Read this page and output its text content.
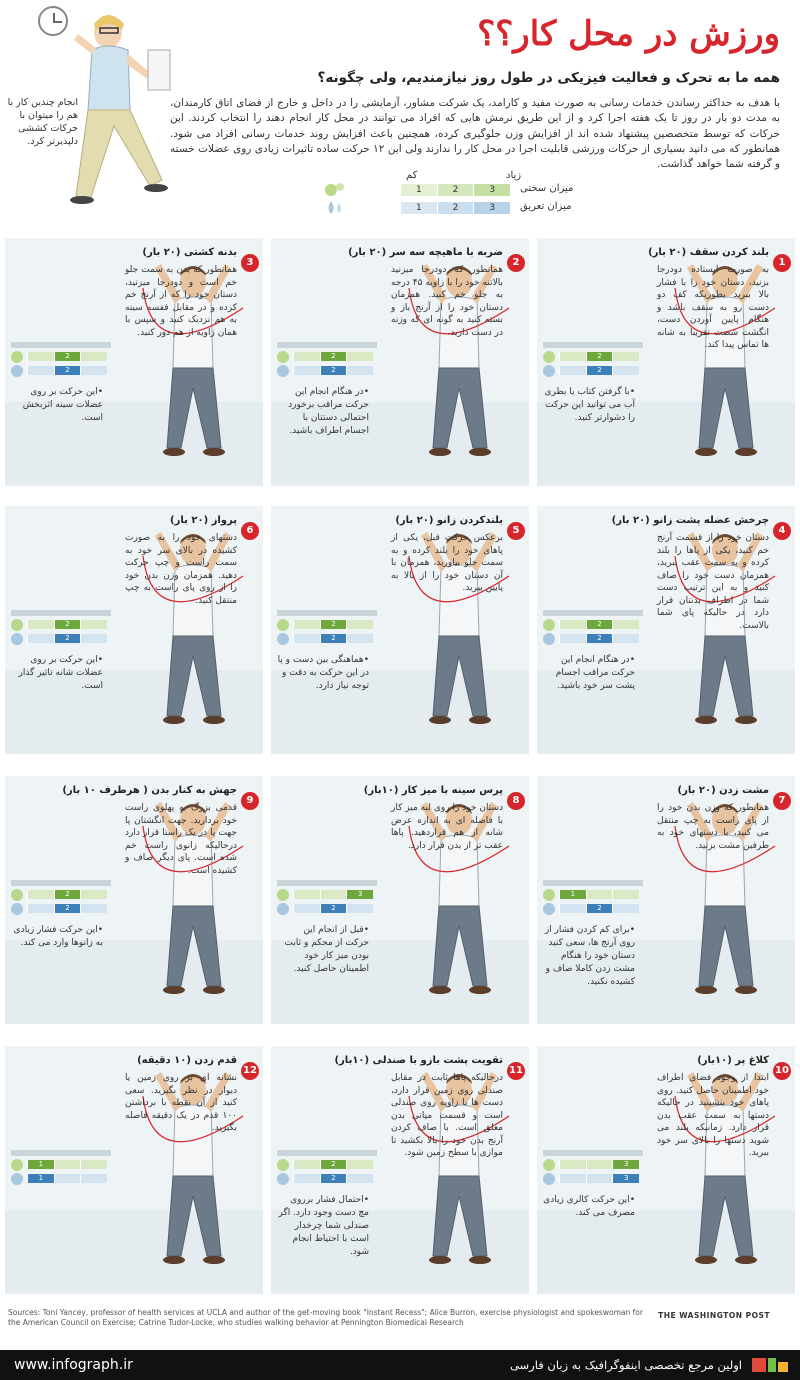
انجام چندین کار با هم را میتوان با حرکات کششی دلپذیرتر کرد.
ورزش در محل کار؟؟
همه ما به تحرک و فعالیت فیزیکی در طول روز نیازمندیم، ولی چگونه؟
با هدف به حداکثر رساندن خدمات رسانی به صورت مفید و کارامد، یک شرکت مشاور، آزمایشی را در داخل و خارج از فضای اتاق کارمندان، به مدت دو بار در روز تا یک هفته اجرا کرد و از این طریق نرمش هایی که افراد می توانند در محل کار انجام دهند را انتخاب کردند. این حرکات که توسط متخصصین پیشنهاد شده اند از افزایش وزن جلوگیری کرده، همچنین باعث افزایش روند خدمات رسانی افراد می شود. همانطور که می دانید بسیاری از حرکات ورزشی قابلیت اجرا در محل کار را ندارند ولی این ۱۲ حرکت ساده تاثیرات زیادی روی عضلات خسته و گرفته شما خواهد گذاشت.
کم	زیاد
1	2	3	میزان سختی
1	2	3	میزان تعریق
1
بلند کردن سقف (۲۰ بار)
به صورت ایستاده دودرجا بزنید، دستان خود را با فشار بالا ببرید بطوریکه کف دو دست رو به سقف باشد و هنگام پایین آوردن دست، انگشت شصت تقریبا به شانه ها تماس پیدا کند.
2
2
• با گرفتن کتاب یا بطری آب می توانید این حرکت را دشوارتر کنید.
2
ضربه با ماهیچه سه سر (۲۰ بار)
همانطور که دودرجا میزنید بالاتنه خود را با زاویه ۴۵ درجه به جلو خم کنید. همزمان دستان خود را از آرنج باز و بسته کنید به گونه ای که وزنه در دست دارید.
2
2
• در هنگام انجام این حرکت مراقب برخورد احتمالی دستتان با اجسام اطراف باشید.
3
بدنه کشتی (۲۰ بار)
همانطور که بدن به سمت جلو خم است و دودرجا میزنید، دستان خود را که از آرنج خم کرده و در مقابل قفسه سینه به هم نزدیک کنید و سپس با همان زاویه از هم دور کنید.
2
2
• این حرکت بر روی عضلات سینه اثربخش است.
4
چرخش عضله پشت زانو (۲۰ بار)
دستان خود را از قسمت آرنج خم کنید، یکی از پاها را بلند کرده و به سمت عقب ببرید، همزمان دست خود را صاف کنید و به این ترتیب دست شما در اطراف بدنتان قرار دارد در حالیکه پای شما بالاست.
2
2
• در هنگام انجام این حرکت مراقب اجسام پشت سر خود باشید.
5
بلندکردن زانو (۲۰ بار)
برعکس حرکت قبل، یکی از پاهای خود را بلند کرده و به سمت جلو بیاورید، همزمان با آن دستان خود را از بالا به پایین بیرید.
2
2
• هماهنگی بین دست و پا در این حرکت به دقت و توجه نیاز دارد.
6
پرواز (۲۰ بار)
دستهای خود را به صورت کشیده در بالای سر خود به سمت راست و چپ حرکت دهید. همزمان وزن بدن خود را از روی پای راست به چپ منتقل کنید.
2
2
• این حرکت بر روی عضلات شانه تاثیر گذار است.
7
مشت زدن (۲۰ بار)
همانطور که وزن بدن خود را از پای راست به چپ منتقل می کنید، با دستهای خود به طرفین مشت بزنید.
1
2
• برای کم کردن فشار از روی آرنج ها، سعی کنید دستان خود را هنگام مشت زدن کاملا صاف و کشیده نکنید.
8
پرس سینه با میز کار (۱۰بار)
دستان خود را روی لبه میز کار با فاصله ای به اندازه عرض شانه از هم قراردهید. پاها عقب تر از بدن قرار دارد.
3
2
• قبل از انجام این حرکت از محکم و ثابت بودن میز کار خود اطمینان حاصل کنید.
9
جهش به کنار بدن ( هرطرف ۱۰ بار)
قدمی بزرگ به پهلوی راست خود بردارید. جهت انگشتان پا جهت پا در یک راستا قرار دارد درحالیکه زانوی راست خم شده است. پای دیگر صاف و کشیده است.
2
2
• این حرکت فشار زیادی به زانوها وارد می کند.
10
کلاغ پر (۱۰بار)
ابتدا از وجود فضای اطراف خود اطمینان حاصل کنید. روی پاهای خود بنشینید در حالیکه دستها به سمت عقب بدن قرار دارد. زمانیکه بلند می شوید دستها را بالای سر خود ببرید.
3
3
• این حرکت کالری زیادی مصرف می کند.
11
تقویت پشت بازو با صندلی (۱۰بار)
درحالیکه پاها ثابت در مقابل صندلی روی زمین قرار دارد، دست ها با زاویه روی صندلی است و قسمت میانی بدن معلق است. با صاف کردن آرنج بدن خود را بالا بکشید تا موازی با سطح زمین شود.
2
2
• احتمال فشار برروی مچ دست وجود دارد. اگر صندلی شما چرخدار است با احتیاط انجام شود.
12
قدم زدن (۱۰ دقیقه)
نشانه ای بر روی زمین یا دیوار در نظر بگیرید. سعی کنید از آن نقطه با برداشتن ۱۰۰ قدم در یک دقیقه فاصله بگیرید.
1
1
Sources: Toni Yancey, professor of health services at UCLA and author of the get-moving book "Instant Recess"; Alice Burron, exercise physiologist and spokeswoman for the American Council on Exercise; Catrine Tudor-Locke, who studies walking behavior at Pennington Biomedical Research
THE WASHINGTON POST
www.infograph.ir	اولین مرجع تخصصی اینفوگرافیک به زبان فارسی
